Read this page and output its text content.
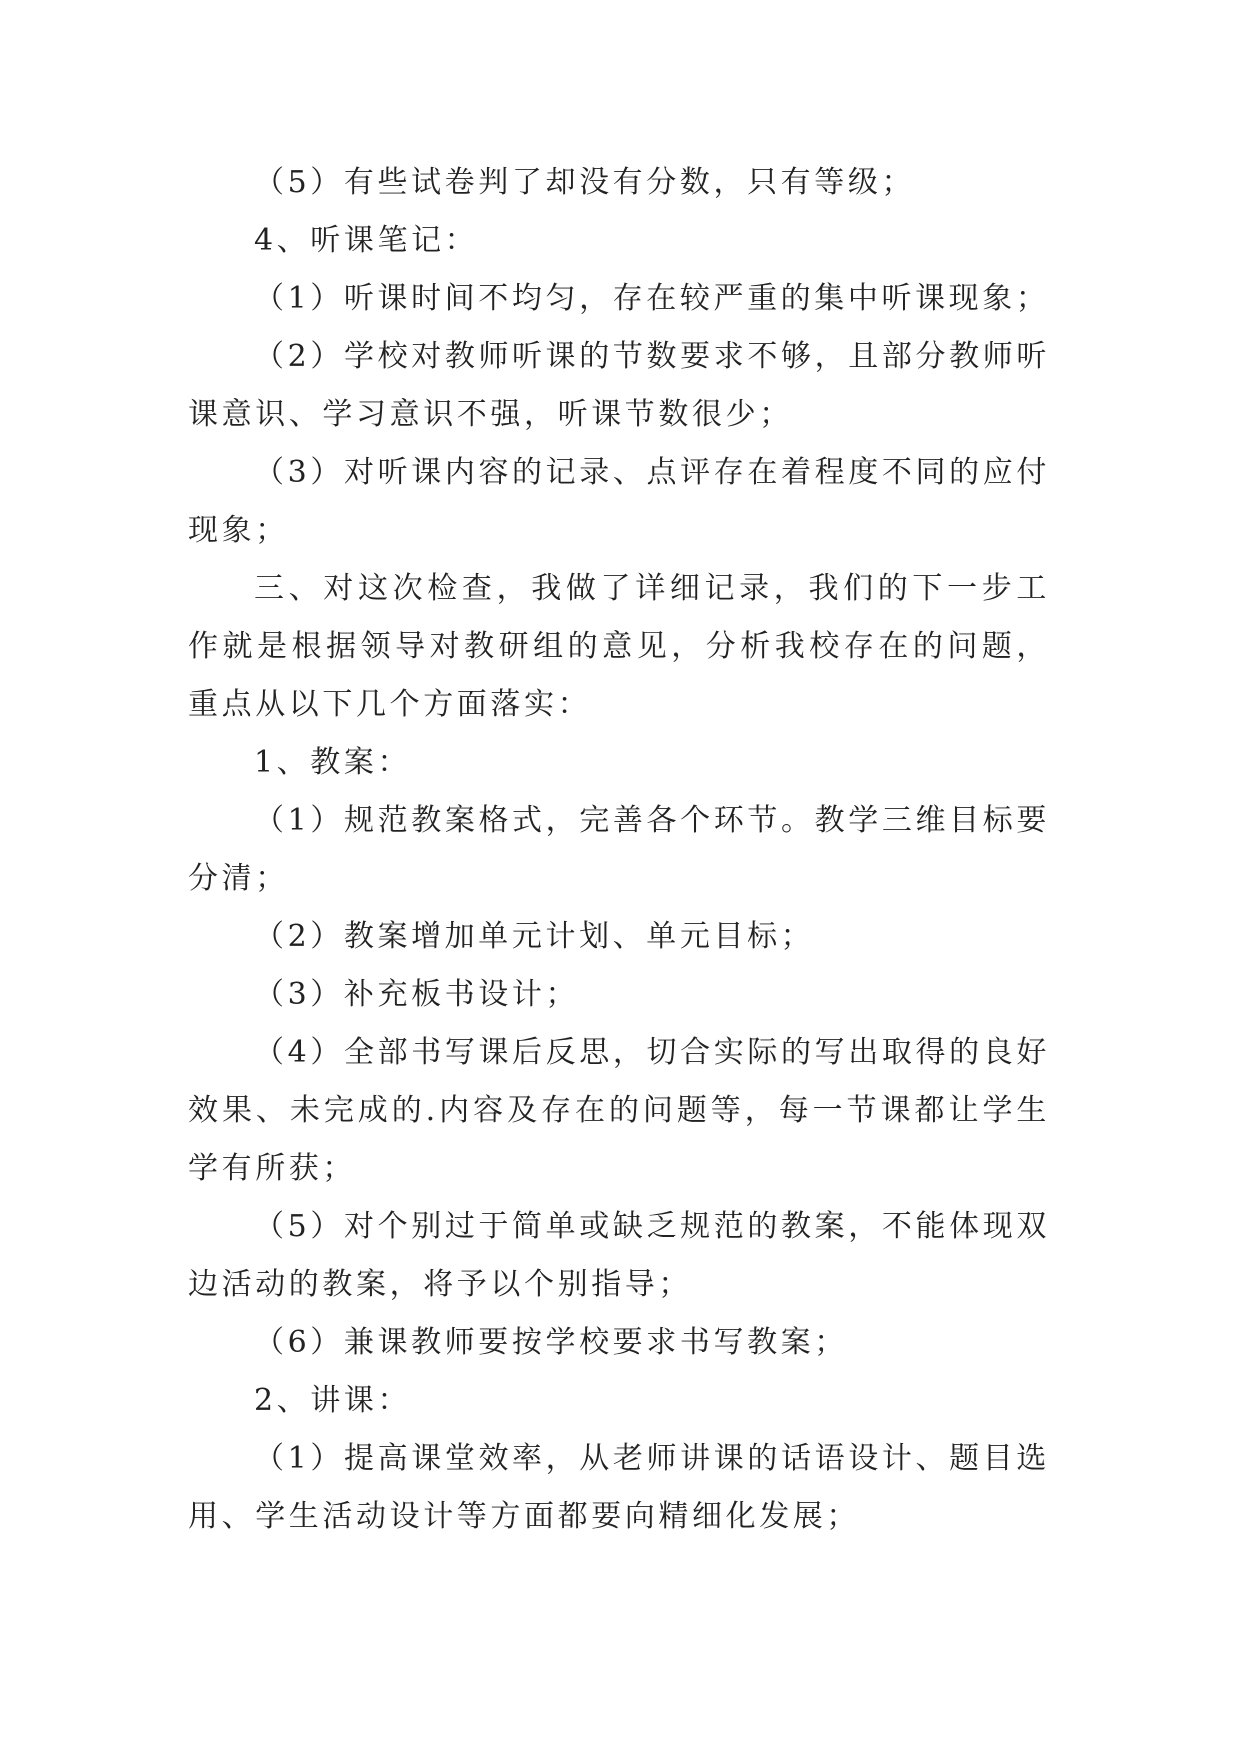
（5）有些试卷判了却没有分数，只有等级；

4、听课笔记：

（1）听课时间不均匀，存在较严重的集中听课现象；

（2）学校对教师听课的节数要求不够，且部分教师听课意识、学习意识不强，听课节数很少；

（3）对听课内容的记录、点评存在着程度不同的应付现象；

三、对这次检查，我做了详细记录，我们的下一步工作就是根据领导对教研组的意见，分析我校存在的问题，重点从以下几个方面落实：

1、教案：

（1）规范教案格式，完善各个环节。教学三维目标要分清；

（2）教案增加单元计划、单元目标；

（3）补充板书设计；

（4）全部书写课后反思，切合实际的写出取得的良好效果、未完成的.内容及存在的问题等，每一节课都让学生学有所获；

（5）对个别过于简单或缺乏规范的教案，不能体现双边活动的教案，将予以个别指导；

（6）兼课教师要按学校要求书写教案；

2、讲课：

（1）提高课堂效率，从老师讲课的话语设计、题目选用、学生活动设计等方面都要向精细化发展；
